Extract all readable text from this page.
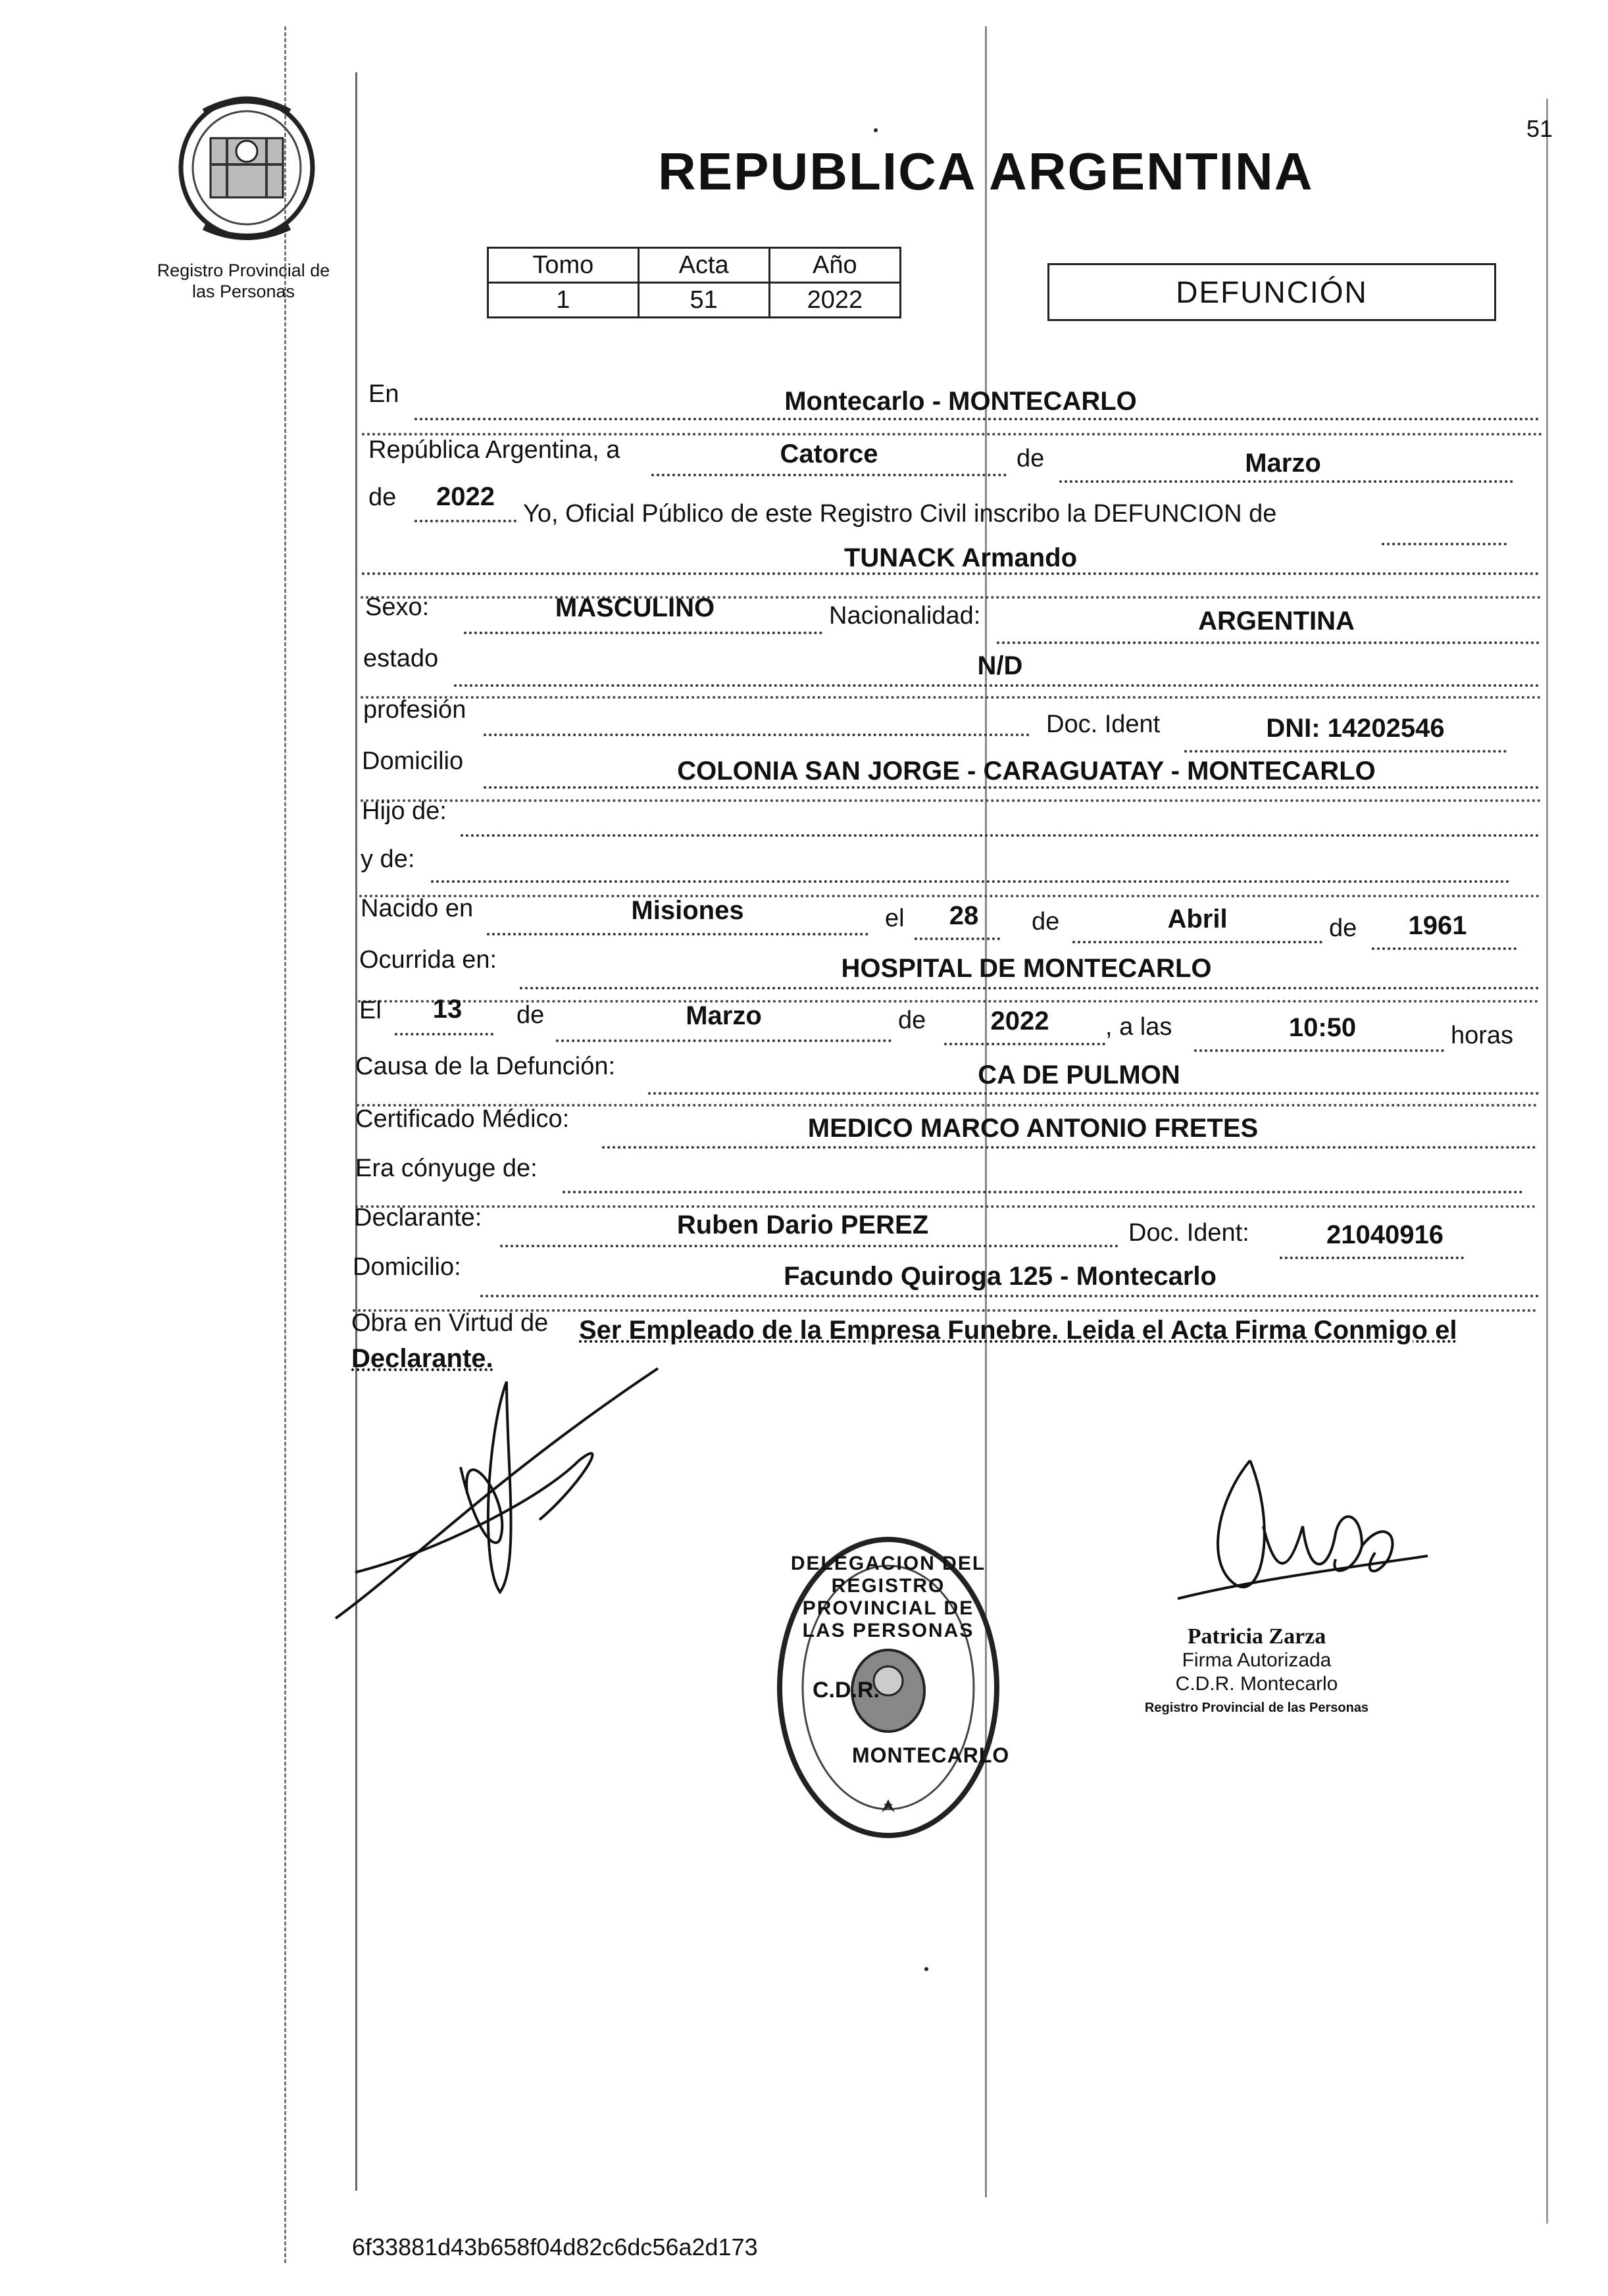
51
Registro Provincial de
las Personas
REPUBLICA ARGENTINA
Tomo	Acta	Año
1	51	2022	DEFUNCIÓN
En	Montecarlo - MONTECARLO
República Argentina, a	Catorce	de	Marzo
de	2022
Yo, Oficial Público de este Registro Civil inscribo la DEFUNCION de
TUNACK Armando
Sexo:	MASCULINO	Nacionalidad:	ARGENTINA
estado	N/D
profesión
Doc. Ident	DNI: 14202546
Domicilio	COLONIA SAN JORGE - CARAGUATAY - MONTECARLO
Hijo de:
y de:
Nacido en	Misiones	el	28	de	Abril	de	1961
Ocurrida en:	HOSPITAL DE MONTECARLO
El	13	de	Marzo	de	2022	, a las	10:50	horas
Causa de la Defunción:	CA DE PULMON
Certificado Médico:	MEDICO MARCO ANTONIO FRETES
Era cónyuge de:
Declarante:	Ruben Dario PEREZ	Doc. Ident:	21040916
Domicilio:	Facundo Quiroga 125 - Montecarlo
Obra en Virtud de Ser Empleado de la Empresa Funebre. Leida el Acta Firma Conmigo el
Declarante.
DELEGACION DEL REGISTRO PROVINCIAL DE LAS PERSONAS
C.D.R.
MONTECARLO
Patricia Zarza
Firma Autorizada
C.D.R. Montecarlo
Registro Provincial de las Personas
6f33881d43b658f04d82c6dc56a2d173
